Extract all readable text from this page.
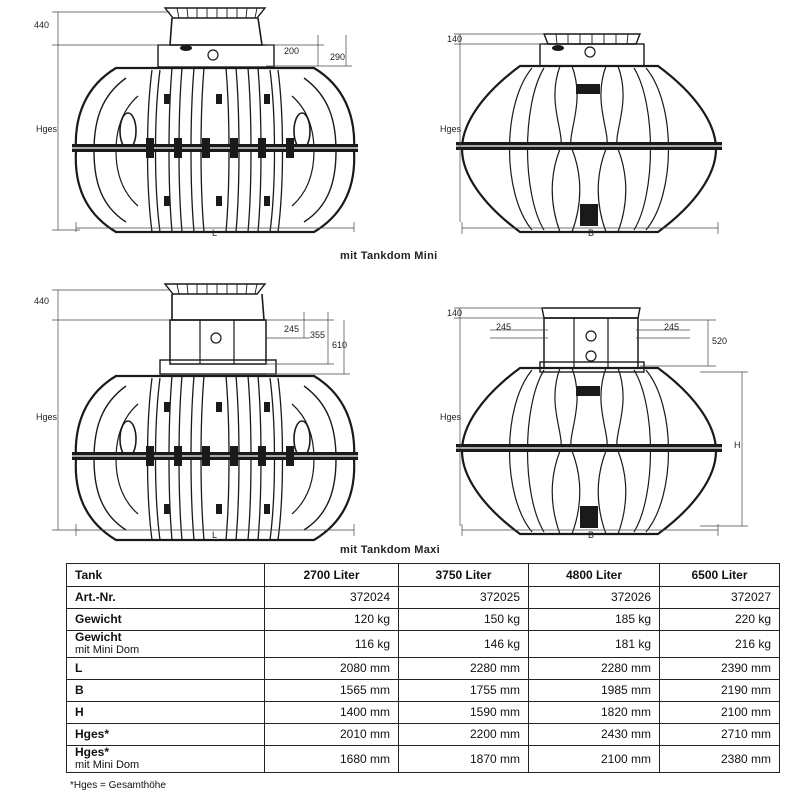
440
Hges
200
290
L
140
Hges
B
mit Tankdom Mini
440
Hges
245
355
610
L
140
Hges
245	245
520
H
B
mit Tankdom Maxi
Tank	2700 Liter	3750 Liter	4800 Liter	6500 Liter
Art.-Nr.	372024	372025	372026	372027
Gewicht	120 kg	150 kg	185 kg	220 kg
Gewicht
mit Mini Dom	116 kg	146 kg	181 kg	216 kg
L	2080 mm	2280 mm	2280 mm	2390 mm
B	1565 mm	1755 mm	1985 mm	2190 mm
H	1400 mm	1590 mm	1820 mm	2100 mm
Hges*	2010 mm	2200 mm	2430 mm	2710 mm
Hges*
mit Mini Dom	1680 mm	1870 mm	2100 mm	2380 mm
*Hges = Gesamthöhe
